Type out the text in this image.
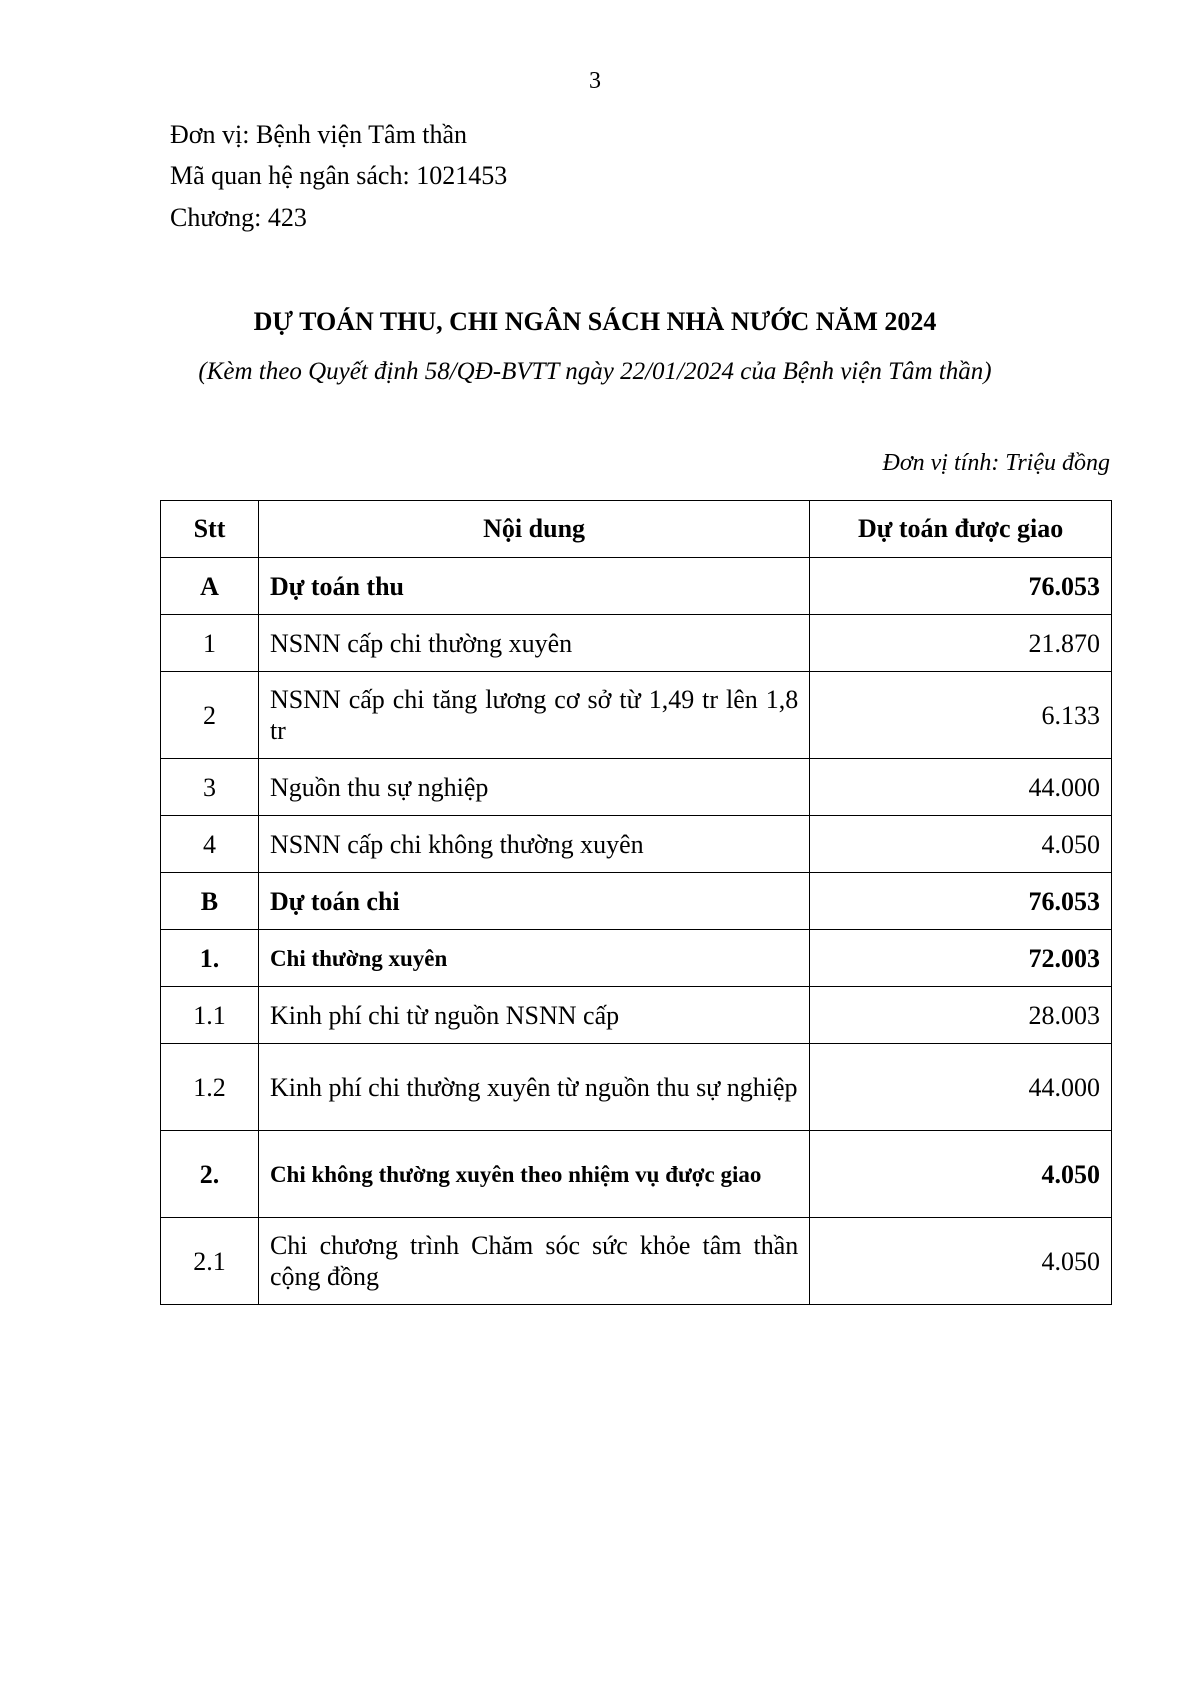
3
Đơn vị: Bệnh viện Tâm thần
Mã quan hệ ngân sách: 1021453
Chương: 423
DỰ TOÁN THU, CHI NGÂN SÁCH NHÀ NƯỚC NĂM 2024
(Kèm theo Quyết định 58/QĐ-BVTT ngày 22/01/2024 của Bệnh viện Tâm thần)
Đơn vị tính: Triệu đồng
Stt	Nội dung	Dự toán được giao
A	Dự toán thu	76.053
1	NSNN cấp chi thường xuyên	21.870
2	NSNN cấp chi tăng lương cơ sở từ 1,49 tr lên 1,8 tr	6.133
3	Nguồn thu sự nghiệp	44.000
4	NSNN cấp chi không thường xuyên	4.050
B	Dự toán chi	76.053
1.	Chi thường xuyên	72.003
1.1	Kinh phí chi từ nguồn NSNN cấp	28.003
1.2	Kinh phí chi thường xuyên từ nguồn thu sự nghiệp	44.000
2.	Chi không thường xuyên theo nhiệm vụ được giao	4.050
2.1	Chi chương trình Chăm sóc sức khỏe tâm thần cộng đồng	4.050
